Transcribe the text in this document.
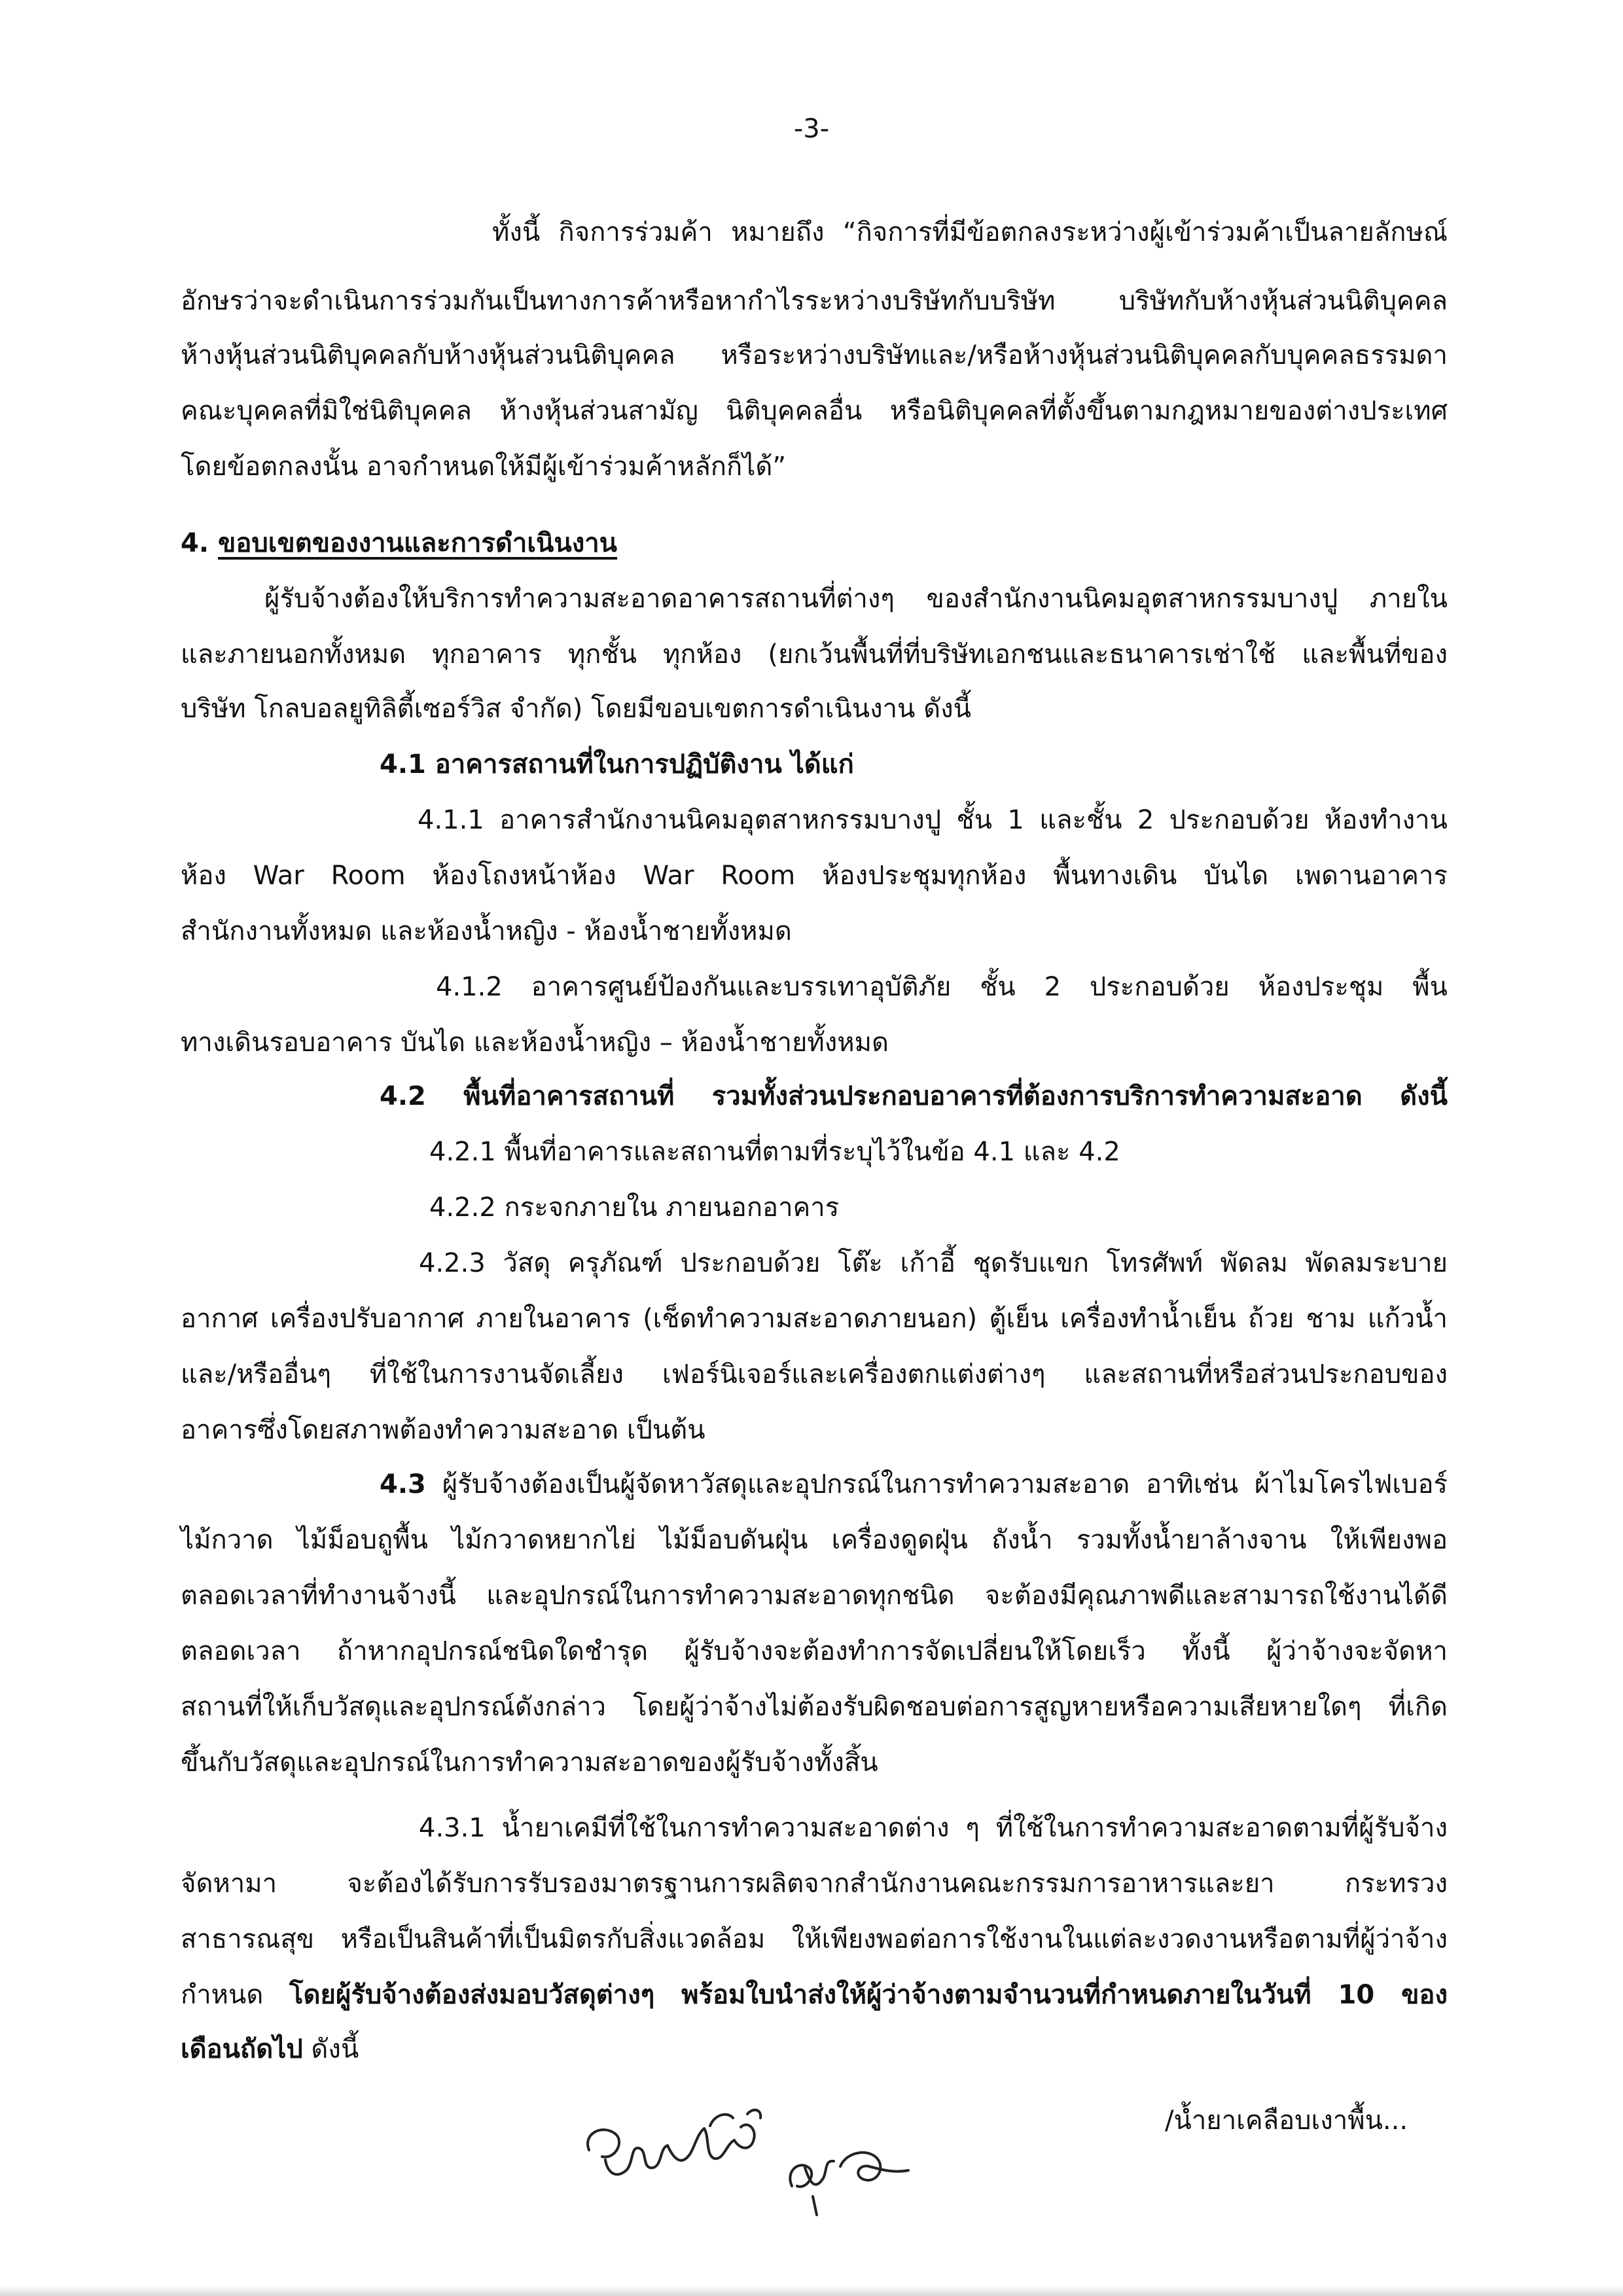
-3-
ทั้งนี้ กิจการร่วมค้า หมายถึง “กิจการที่มีข้อตกลงระหว่างผู้เข้าร่วมค้าเป็นลายลักษณ์
อักษรว่าจะดำเนินการร่วมกันเป็นทางการค้าหรือหากำไรระหว่างบริษัทกับบริษัท บริษัทกับห้างหุ้นส่วนนิติบุคคล
ห้างหุ้นส่วนนิติบุคคลกับห้างหุ้นส่วนนิติบุคคล หรือระหว่างบริษัทและ/หรือห้างหุ้นส่วนนิติบุคคลกับบุคคลธรรมดา
คณะบุคคลที่มิใช่นิติบุคคล ห้างหุ้นส่วนสามัญ นิติบุคคลอื่น หรือนิติบุคคลที่ตั้งขึ้นตามกฎหมายของต่างประเทศ
โดยข้อตกลงนั้น อาจกำหนดให้มีผู้เข้าร่วมค้าหลักก็ได้”
4. ขอบเขตของงานและการดำเนินงาน
ผู้รับจ้างต้องให้บริการทำความสะอาดอาคารสถานที่ต่างๆ ของสำนักงานนิคมอุตสาหกรรมบางปู ภายใน
และภายนอกทั้งหมด ทุกอาคาร ทุกชั้น ทุกห้อง (ยกเว้นพื้นที่ที่บริษัทเอกชนและธนาคารเช่าใช้ และพื้นที่ของ
บริษัท โกลบอลยูทิลิตี้เซอร์วิส จำกัด) โดยมีขอบเขตการดำเนินงาน ดังนี้
4.1 อาคารสถานที่ในการปฏิบัติงาน ได้แก่
4.1.1 อาคารสำนักงานนิคมอุตสาหกรรมบางปู ชั้น 1 และชั้น 2 ประกอบด้วย ห้องทำงาน
ห้อง War Room ห้องโถงหน้าห้อง War Room ห้องประชุมทุกห้อง พื้นทางเดิน บันได เพดานอาคาร
สำนักงานทั้งหมด และห้องน้ำหญิง - ห้องน้ำชายทั้งหมด
4.1.2 อาคารศูนย์ป้องกันและบรรเทาอุบัติภัย ชั้น 2 ประกอบด้วย ห้องประชุม พื้น
ทางเดินรอบอาคาร บันได และห้องน้ำหญิง – ห้องน้ำชายทั้งหมด
4.2 พื้นที่อาคารสถานที่ รวมทั้งส่วนประกอบอาคารที่ต้องการบริการทำความสะอาด ดังนี้
4.2.1 พื้นที่อาคารและสถานที่ตามที่ระบุไว้ในข้อ 4.1 และ 4.2
4.2.2 กระจกภายใน ภายนอกอาคาร
4.2.3 วัสดุ ครุภัณฑ์ ประกอบด้วย โต๊ะ เก้าอี้ ชุดรับแขก โทรศัพท์ พัดลม พัดลมระบาย
อากาศ เครื่องปรับอากาศ ภายในอาคาร (เช็ดทำความสะอาดภายนอก) ตู้เย็น เครื่องทำน้ำเย็น ถ้วย ชาม แก้วน้ำ
และ/หรืออื่นๆ ที่ใช้ในการงานจัดเลี้ยง เฟอร์นิเจอร์และเครื่องตกแต่งต่างๆ และสถานที่หรือส่วนประกอบของ
อาคารซึ่งโดยสภาพต้องทำความสะอาด เป็นต้น
4.3 ผู้รับจ้างต้องเป็นผู้จัดหาวัสดุและอุปกรณ์ในการทำความสะอาด อาทิเช่น ผ้าไมโครไฟเบอร์
ไม้กวาด ไม้ม็อบถูพื้น ไม้กวาดหยากไย่ ไม้ม็อบดันฝุ่น เครื่องดูดฝุ่น ถังน้ำ รวมทั้งน้ำยาล้างจาน ให้เพียงพอ
ตลอดเวลาที่ทำงานจ้างนี้ และอุปกรณ์ในการทำความสะอาดทุกชนิด จะต้องมีคุณภาพดีและสามารถใช้งานได้ดี
ตลอดเวลา ถ้าหากอุปกรณ์ชนิดใดชำรุด ผู้รับจ้างจะต้องทำการจัดเปลี่ยนให้โดยเร็ว ทั้งนี้ ผู้ว่าจ้างจะจัดหา
สถานที่ให้เก็บวัสดุและอุปกรณ์ดังกล่าว โดยผู้ว่าจ้างไม่ต้องรับผิดชอบต่อการสูญหายหรือความเสียหายใดๆ ที่เกิด
ขึ้นกับวัสดุและอุปกรณ์ในการทำความสะอาดของผู้รับจ้างทั้งสิ้น
4.3.1 น้ำยาเคมีที่ใช้ในการทำความสะอาดต่าง ๆ ที่ใช้ในการทำความสะอาดตามที่ผู้รับจ้าง
จัดหามา จะต้องได้รับการรับรองมาตรฐานการผลิตจากสำนักงานคณะกรรมการอาหารและยา กระทรวง
สาธารณสุข หรือเป็นสินค้าที่เป็นมิตรกับสิ่งแวดล้อม ให้เพียงพอต่อการใช้งานในแต่ละงวดงานหรือตามที่ผู้ว่าจ้าง
กำหนด โดยผู้รับจ้างต้องส่งมอบวัสดุต่างๆ พร้อมใบนำส่งให้ผู้ว่าจ้างตามจำนวนที่กำหนดภายในวันที่ 10 ของ
เดือนถัดไป ดังนี้
/น้ำยาเคลือบเงาพื้น...
